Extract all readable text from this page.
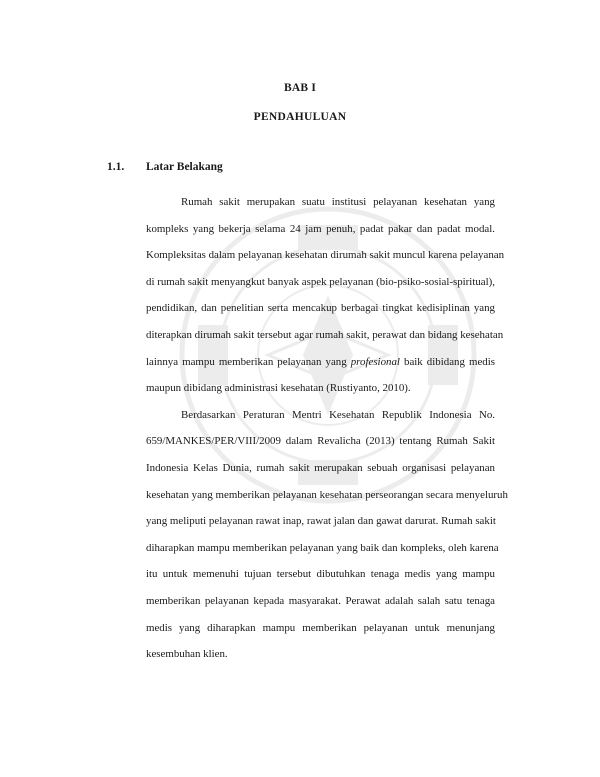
BAB I
PENDAHULUAN
1.1. Latar Belakang
Rumah sakit merupakan suatu institusi pelayanan kesehatan yang
kompleks yang bekerja selama 24 jam penuh, padat pakar dan padat modal.
Kompleksitas dalam pelayanan kesehatan dirumah sakit muncul karena pelayanan
di rumah sakit menyangkut banyak aspek pelayanan (bio-psiko-sosial-spiritual),
pendidikan, dan penelitian serta mencakup berbagai tingkat kedisiplinan yang
diterapkan dirumah sakit tersebut agar rumah sakit, perawat dan bidang kesehatan
lainnya mampu memberikan pelayanan yang profesional baik dibidang medis
maupun dibidang administrasi kesehatan (Rustiyanto, 2010).
Berdasarkan Peraturan Mentri Kesehatan Republik Indonesia No.
659/MANKES/PER/VIII/2009 dalam Revalicha (2013) tentang Rumah Sakit
Indonesia Kelas Dunia, rumah sakit merupakan sebuah organisasi pelayanan
kesehatan yang memberikan pelayanan kesehatan perseorangan secara menyeluruh
yang meliputi pelayanan rawat inap, rawat jalan dan gawat darurat. Rumah sakit
diharapkan mampu memberikan pelayanan yang baik dan kompleks, oleh karena
itu untuk memenuhi tujuan tersebut dibutuhkan tenaga medis yang mampu
memberikan pelayanan kepada masyarakat. Perawat adalah salah satu tenaga
medis yang diharapkan mampu memberikan pelayanan untuk menunjang
kesembuhan klien.
